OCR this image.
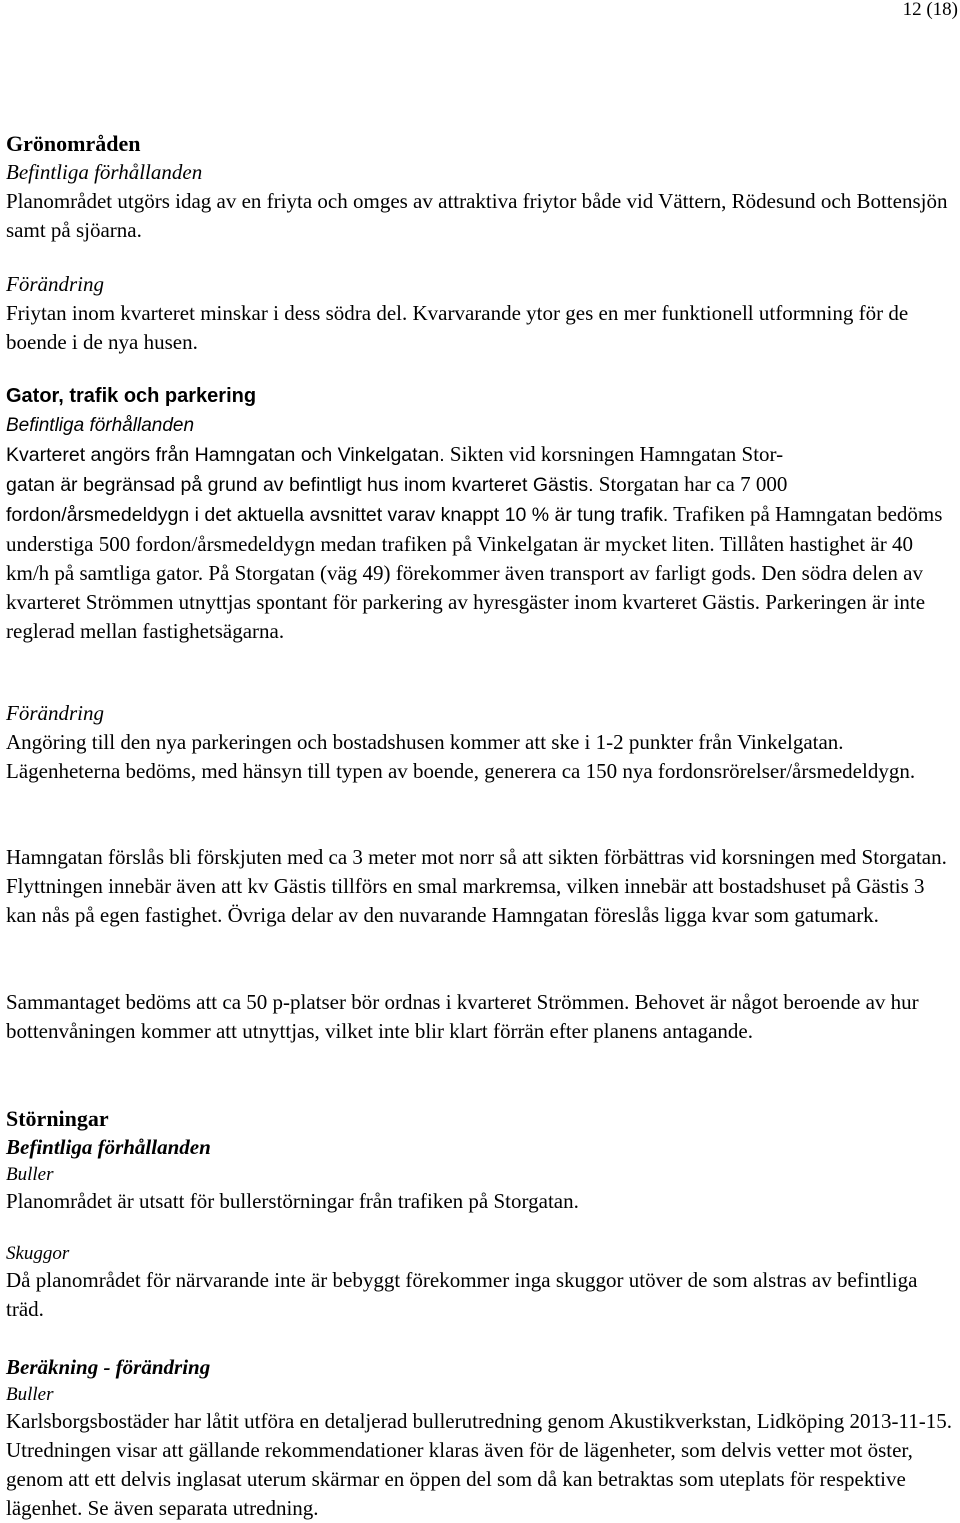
12 (18)

Grönområden

Befintliga förhållanden

Planområdet utgörs idag av en friyta och omges av attraktiva friytor både vid Vättern, Rödesund och Bottensjön samt på sjöarna.

Förändring

Friytan inom kvarteret minskar i dess södra del. Kvarvarande ytor ges en mer funktionell utformning för de boende i de nya husen.

Gator, trafik och parkering

Befintliga förhållanden

Kvarteret angörs från Hamngatan och Vinkelgatan. Sikten vid korsningen Hamngatan Stor-
gatan är begränsad på grund av befintligt hus inom kvarteret Gästis. Storgatan har ca 7 000
fordon/årsmedeldygn i det aktuella avsnittet varav knappt 10 % är tung trafik. Trafiken på Hamngatan bedöms understiga 500 fordon/årsmedeldygn medan trafiken på Vinkelgatan är mycket liten. Tillåten hastighet är 40 km/h på samtliga gator. På Storgatan (väg 49) förekommer även transport av farligt gods. Den södra delen av kvarteret Strömmen utnyttjas spontant för parkering av hyresgäster inom kvarteret Gästis. Parkeringen är inte reglerad mellan fastighetsägarna.

Förändring

Angöring till den nya parkeringen och bostadshusen kommer att ske i 1-2 punkter från Vinkelgatan. Lägenheterna bedöms, med hänsyn till typen av boende, generera ca 150 nya fordonsrörelser/årsmedeldygn.

Hamngatan förslås bli förskjuten med ca 3 meter mot norr så att sikten förbättras vid korsningen med Storgatan. Flyttningen innebär även att kv Gästis tillförs en smal markremsa, vilken innebär att bostadshuset på Gästis 3 kan nås på egen fastighet. Övriga delar av den nuvarande Hamngatan föreslås ligga kvar som gatumark.

Sammantaget bedöms att ca 50 p-platser bör ordnas i kvarteret Strömmen. Behovet är något beroende av hur bottenvåningen kommer att utnyttjas, vilket inte blir klart förrän efter planens antagande.

Störningar

Befintliga förhållanden

Buller

Planområdet är utsatt för bullerstörningar från trafiken på Storgatan.

Skuggor

Då planområdet för närvarande inte är bebyggt förekommer inga skuggor utöver de som alstras av befintliga träd.

Beräkning - förändring

Buller

Karlsborgsbostäder har låtit utföra en detaljerad bullerutredning genom Akustikverkstan, Lidköping 2013-11-15. Utredningen visar att gällande rekommendationer klaras även för de lägenheter, som delvis vetter mot öster, genom att ett delvis inglasat uterum skärmar en öppen del som då kan betraktas som uteplats för respektive lägenhet. Se även separata utredning.
